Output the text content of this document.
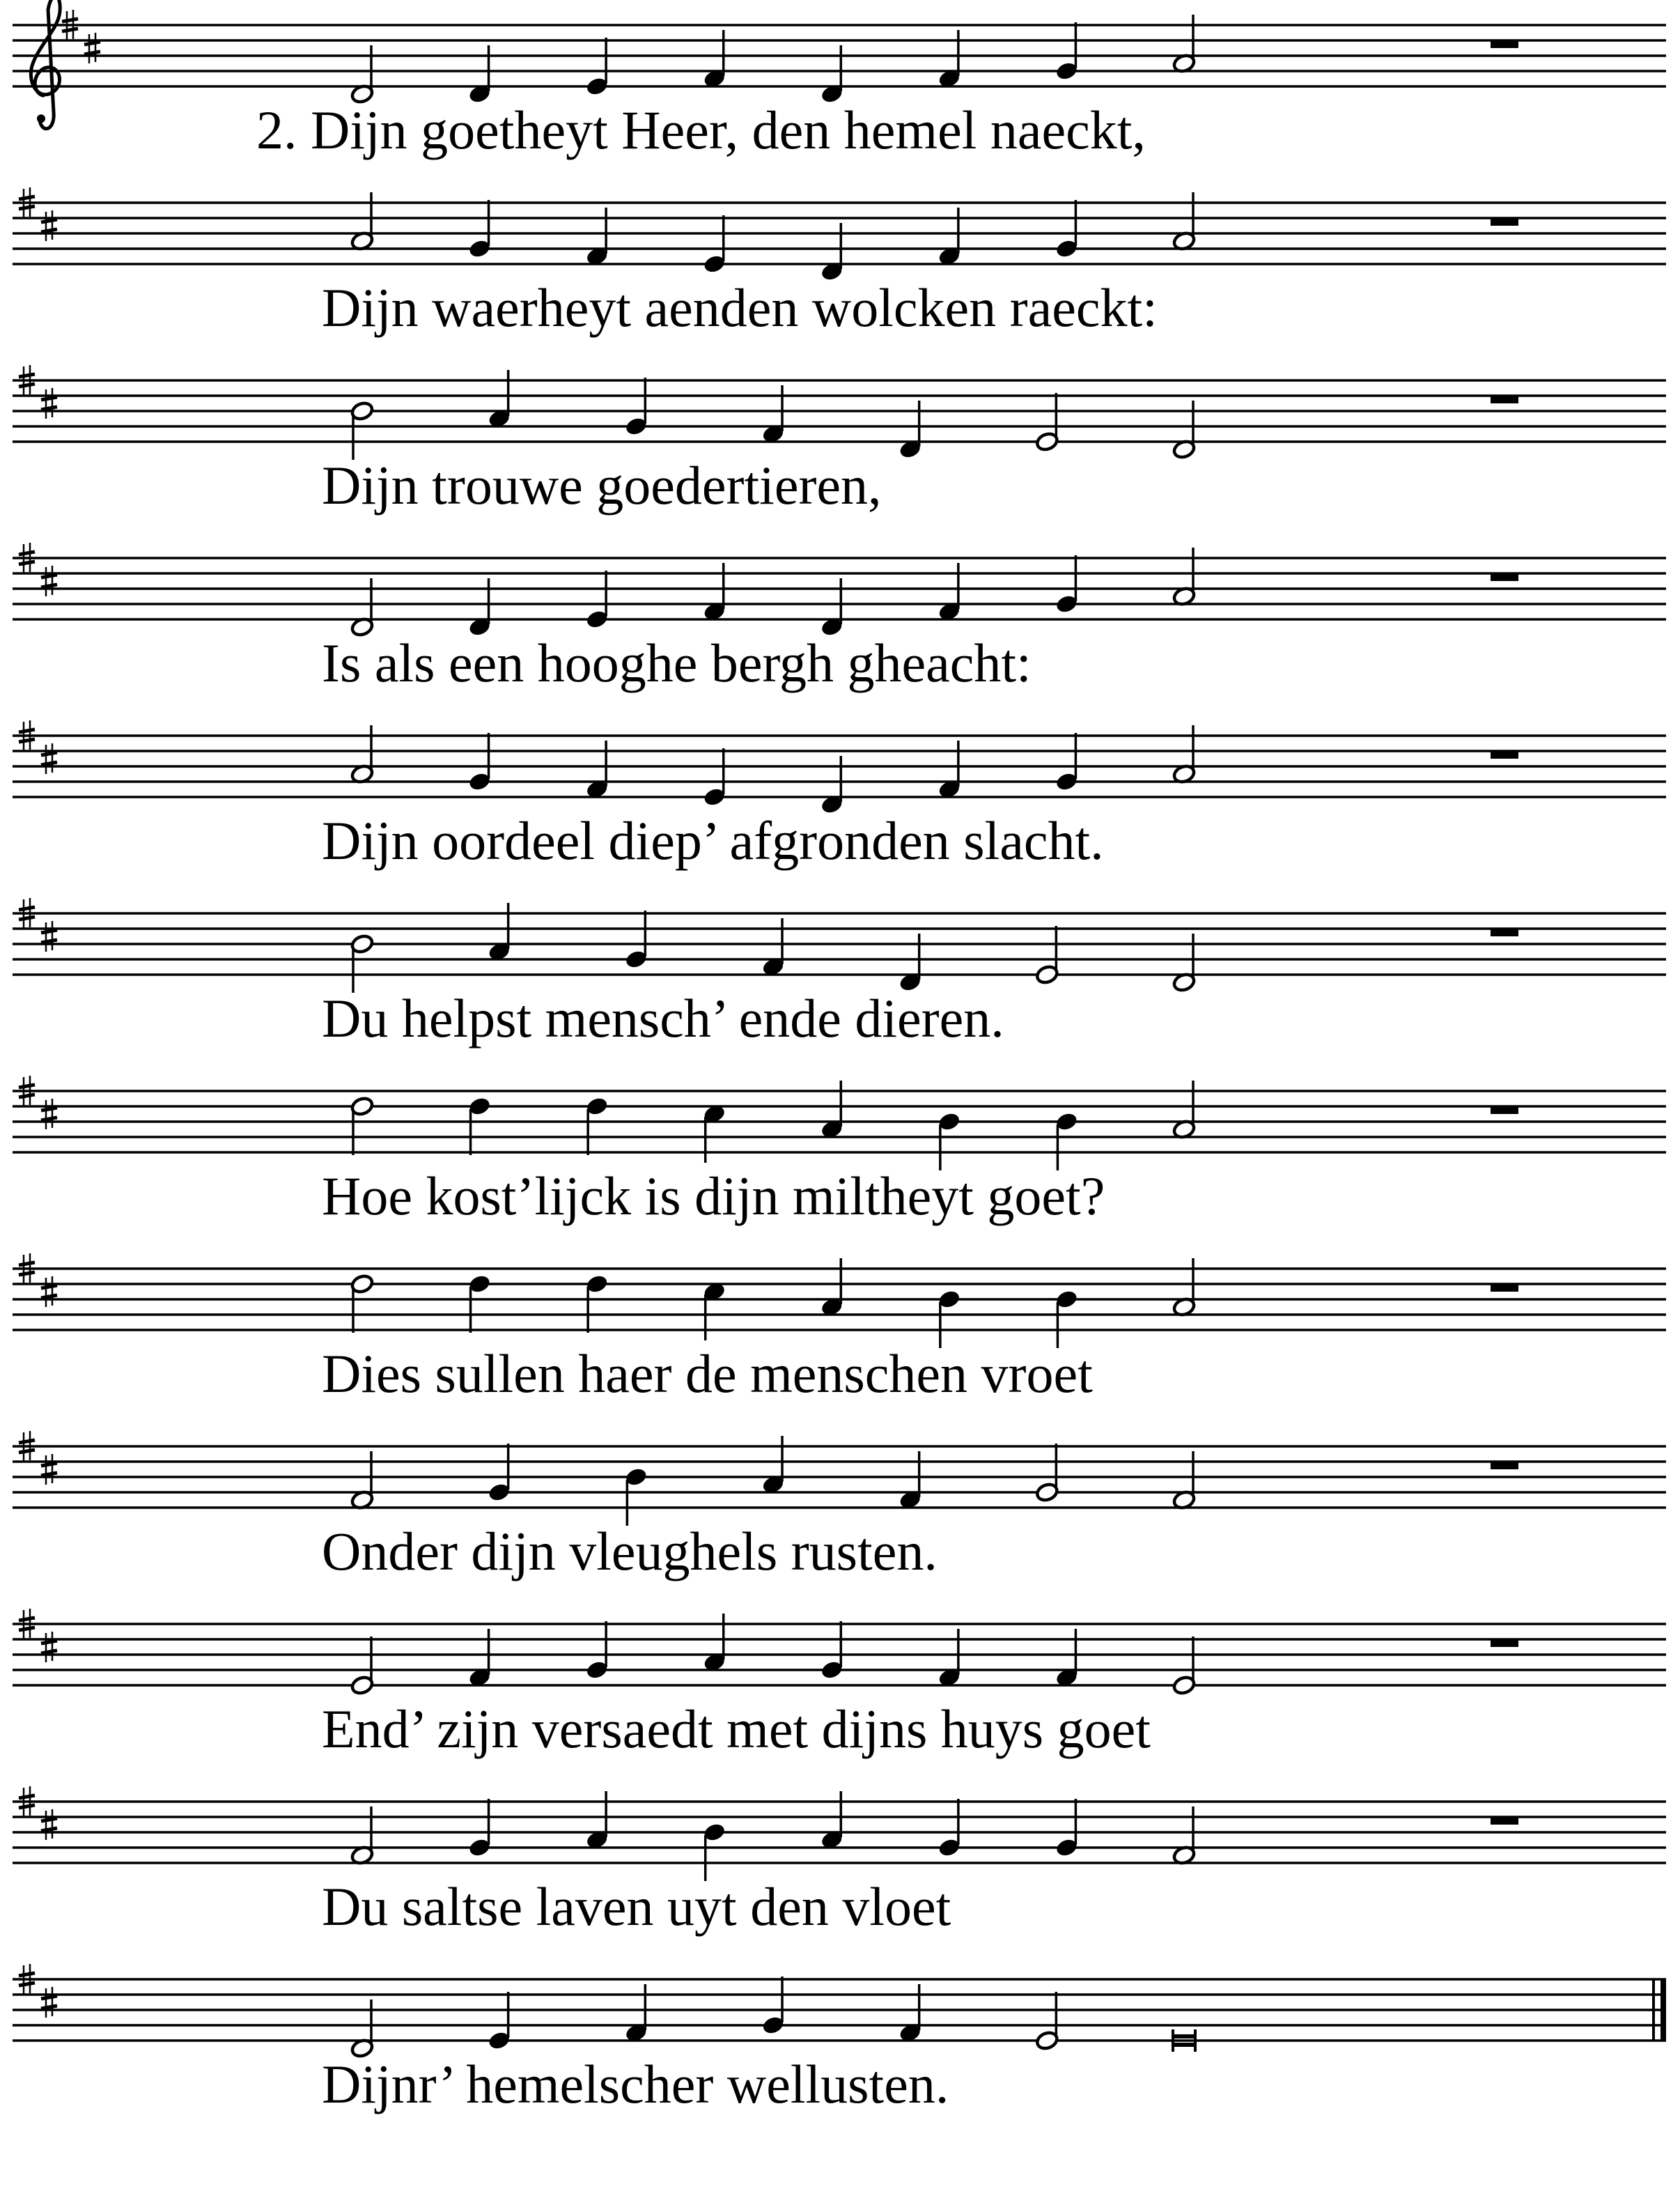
2. Dijn goetheyt Heer, den hemel naeckt,
Dijn waerheyt aenden wolcken raeckt:
Dijn trouwe goedertieren,
Is als een hooghe bergh gheacht:
Dijn oordeel diep’ afgronden slacht.
Du helpst mensch’ ende dieren.
Hoe kost’lijck is dijn miltheyt goet?
Dies sullen haer de menschen vroet
Onder dijn vleughels rusten.
End’ zijn versaedt met dijns huys goet
Du saltse laven uyt den vloet
Dijnr’ hemelscher wellusten.
